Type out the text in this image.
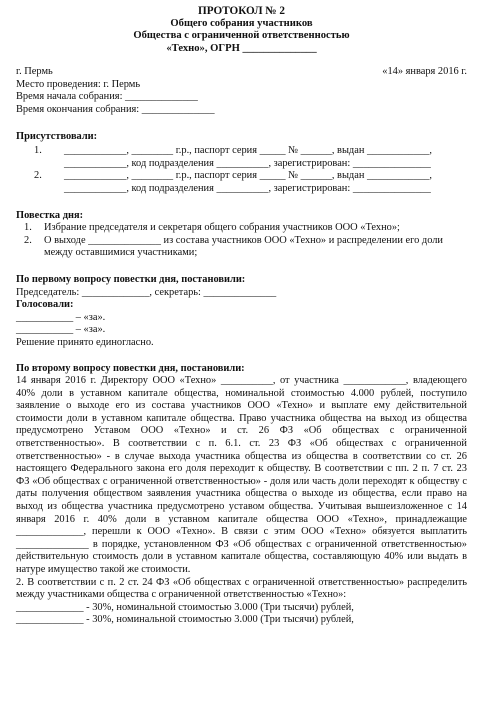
ПРОТОКОЛ № 2
Общего собрания участников
Общества с ограниченной ответственностью
«Техно», ОГРН ______________
г. Пермь	«14» января 2016 г.
Место проведения: г. Пермь
Время начала собрания: ______________
Время окончания собрания: ______________
Присутствовали:
1.	____________, ________ г.р., паспорт серия _____ № ______, выдан ____________,
____________, код подразделения __________, зарегистрирован: _______________
2.	____________, ________ г.р., паспорт серия _____ № ______, выдан ____________,
____________, код подразделения __________, зарегистрирован: _______________
Повестка дня:
1.	Избрание председателя и секретаря общего собрания участников ООО «Техно»;
2.	О выходе ______________ из состава участников ООО «Техно» и распределении его доли между оставшимися участниками;
По первому вопросу повестки дня, постановили:
Председатель: _____________, секретарь: ______________
Голосовали:
___________ – «за».
___________ – «за».
Решение принято единогласно.
По второму вопросу повестки дня, постановили:
14 января 2016 г. Директору ООО «Техно» __________, от участника ____________, владеющего 40% доли в уставном капитале общества, номинальной стоимостью 4.000 рублей, поступило заявление о выходе его из состава участников ООО «Техно» и выплате ему действительной стоимости доли в уставном капитале общества. Право участника общества на выход из общества предусмотрено Уставом ООО «Техно» и ст. 26 ФЗ «Об обществах с ограниченной ответственностью». В соответствии с п. 6.1. ст. 23 ФЗ «Об обществах с ограниченной ответственностью» - в случае выхода участника общества из общества в соответствии со ст. 26 настоящего Федерального закона его доля переходит к обществу. В соответствии с пп. 2 п. 7 ст. 23 ФЗ «Об обществах с ограниченной ответственностью» - доля или часть доли переходят к обществу с даты получения обществом заявления участника общества о выходе из общества, если право на выход из общества участника предусмотрено уставом общества. Учитывая вышеизложенное с 14 января 2016 г. 40% доли в уставном капитале общества ООО «Техно», принадлежащие _____________, перешли к ООО «Техно». В связи с этим ООО «Техно» обязуется выплатить ______________ в порядке, установленном ФЗ «Об обществах с ограниченной ответственностью» действительную стоимость доли в уставном капитале общества, составляющую 40% или выдать в натуре имущество такой же стоимости.
2. В соответствии с п. 2 ст. 24 ФЗ «Об обществах с ограниченной ответственностью» распределить между участниками общества с ограниченной ответственностью «Техно»:
_____________ - 30%, номинальной стоимостью 3.000 (Три тысячи) рублей,
_____________ - 30%, номинальной стоимостью 3.000 (Три тысячи) рублей,
